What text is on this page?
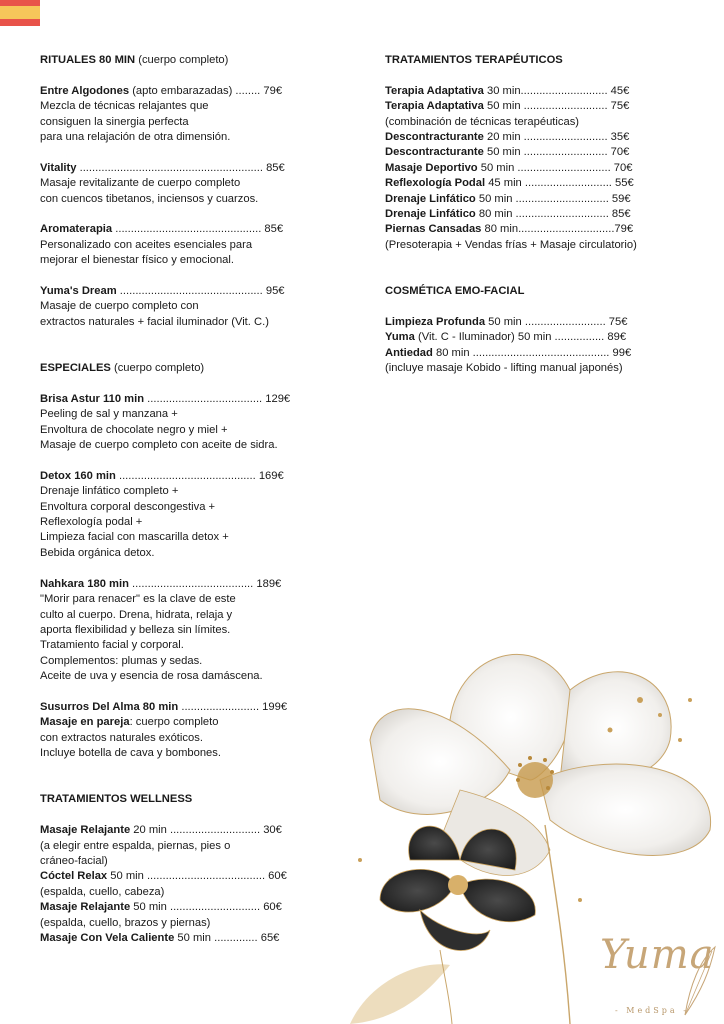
RITUALES 80 MIN (cuerpo completo)
Entre Algodones (apto embarazadas) ........ 79€
Mezcla de técnicas relajantes que
consiguen la sinergia perfecta
para una relajación de otra dimensión.
Vitality ........................................................... 85€
Masaje revitalizante de cuerpo completo
con cuencos tibetanos, inciensos y cuarzos.
Aromaterapia ............................................... 85€
Personalizado con aceites esenciales para
mejorar el bienestar físico y emocional.
Yuma's Dream .............................................. 95€
Masaje de cuerpo completo con
extractos naturales + facial iluminador (Vit. C.)
ESPECIALES (cuerpo completo)
Brisa Astur 110 min ..................................... 129€
Peeling de sal y manzana +
Envoltura de chocolate negro y miel +
Masaje de cuerpo completo con aceite de sidra.
Detox 160 min ............................................ 169€
Drenaje linfático completo +
Envoltura corporal descongestiva +
Reflexología podal +
Limpieza facial con mascarilla detox +
Bebida orgánica detox.
Nahkara 180 min ....................................... 189€
"Morir para renacer" es la clave de este
culto al cuerpo. Drena, hidrata, relaja y
aporta flexibilidad y belleza sin límites.
Tratamiento facial y corporal.
Complementos: plumas y sedas.
Aceite de uva y esencia de rosa damáscena.
Susurros Del Alma 80 min ......................... 199€
Masaje en pareja: cuerpo completo
con extractos naturales exóticos.
Incluye botella de cava y bombones.
TRATAMIENTOS WELLNESS
Masaje Relajante 20 min ............................. 30€
(a elegir entre espalda, piernas, pies o
cráneo-facial)
Cóctel Relax 50 min ...................................... 60€
(espalda, cuello, cabeza)
Masaje Relajante 50 min ............................. 60€
(espalda, cuello, brazos y piernas)
Masaje Con Vela Caliente 50 min .............. 65€
TRATAMIENTOS TERAPÉUTICOS
Terapia Adaptativa 30 min............................ 45€
Terapia Adaptativa 50 min ........................... 75€
(combinación de técnicas terapéuticas)
Descontracturante 20 min ........................... 35€
Descontracturante 50 min ........................... 70€
Masaje Deportivo 50 min .............................. 70€
Reflexología Podal 45 min ............................ 55€
Drenaje Linfático 50 min .............................. 59€
Drenaje Linfático 80 min .............................. 85€
Piernas Cansadas 80 min...............................79€
(Presoterapia + Vendas frías + Masaje circulatorio)
COSMÉTICA EMO-FACIAL
Limpieza Profunda 50 min .......................... 75€
Yuma (Vit. C - Iluminador) 50 min ................ 89€
Antiedad 80 min ............................................ 99€
(incluye masaje Kobido - lifting manual japonés)
Yuma
- MedSpa -
